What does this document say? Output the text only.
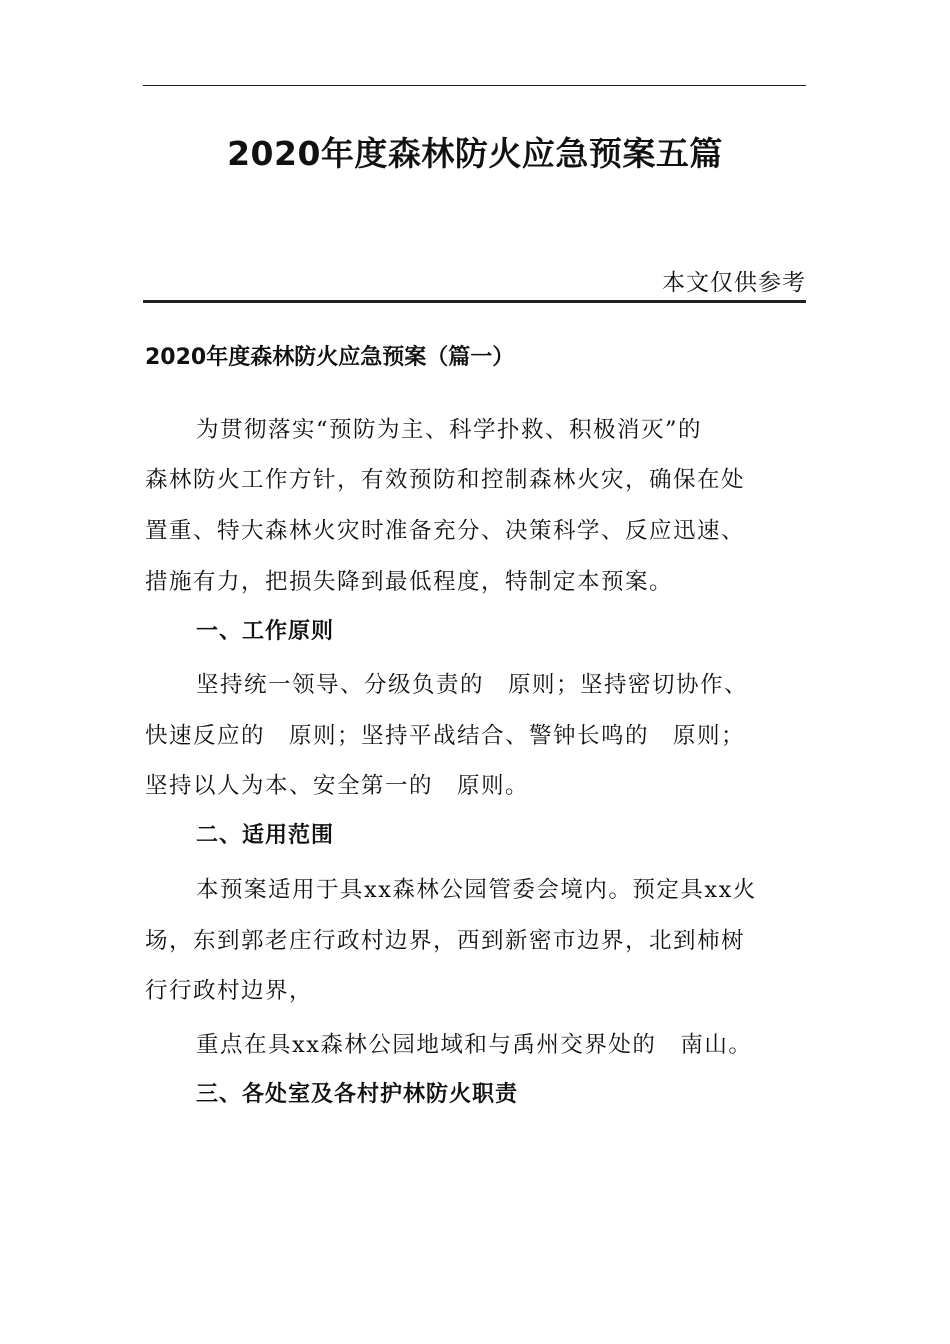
2020年度森林防火应急预案五篇
本文仅供参考
2020年度森林防火应急预案（篇一）
为贯彻落实“预防为主、科学扑救、积极消灭”的
森林防火工作方针，有效预防和控制森林火灾，确保在处
置重、特大森林火灾时准备充分、决策科学、反应迅速、
措施有力，把损失降到最低程度，特制定本预案。
一、工作原则
坚持统一领导、分级负责的　原则；坚持密切协作、
快速反应的　原则；坚持平战结合、警钟长鸣的　原则；
坚持以人为本、安全第一的　原则。
二、适用范围
本预案适用于具xx森林公园管委会境内。预定具xx火
场，东到郭老庄行政村边界，西到新密市边界，北到柿树
行行政村边界，
重点在具xx森林公园地域和与禹州交界处的　南山。
三、各处室及各村护林防火职责
